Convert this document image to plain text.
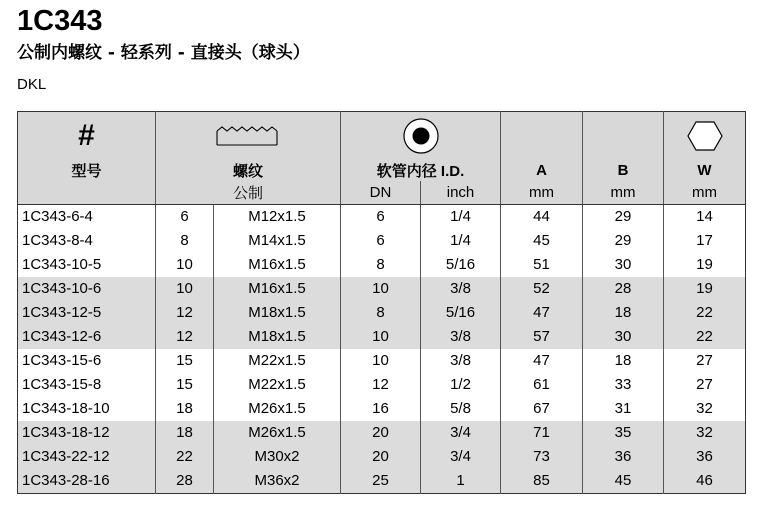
1C343
公制内螺纹 - 轻系列 - 直接头（球头）
DKL
#	

型号	螺纹		软管内径 I.D.		A	B	W
	公制		DN	inch	mm	mm	mm
1C343-6-4	6	M12x1.5	6	1/4	44	29	14
1C343-8-4	8	M14x1.5	6	1/4	45	29	17
1C343-10-5	10	M16x1.5	8	5/16	51	30	19
1C343-10-6	10	M16x1.5	10	3/8	52	28	19
1C343-12-5	12	M18x1.5	8	5/16	47	18	22
1C343-12-6	12	M18x1.5	10	3/8	57	30	22
1C343-15-6	15	M22x1.5	10	3/8	47	18	27
1C343-15-8	15	M22x1.5	12	1/2	61	33	27
1C343-18-10	18	M26x1.5	16	5/8	67	31	32
1C343-18-12	18	M26x1.5	20	3/4	71	35	32
1C343-22-12	22	M30x2	20	3/4	73	36	36
1C343-28-16	28	M36x2	25	1	85	45	46
